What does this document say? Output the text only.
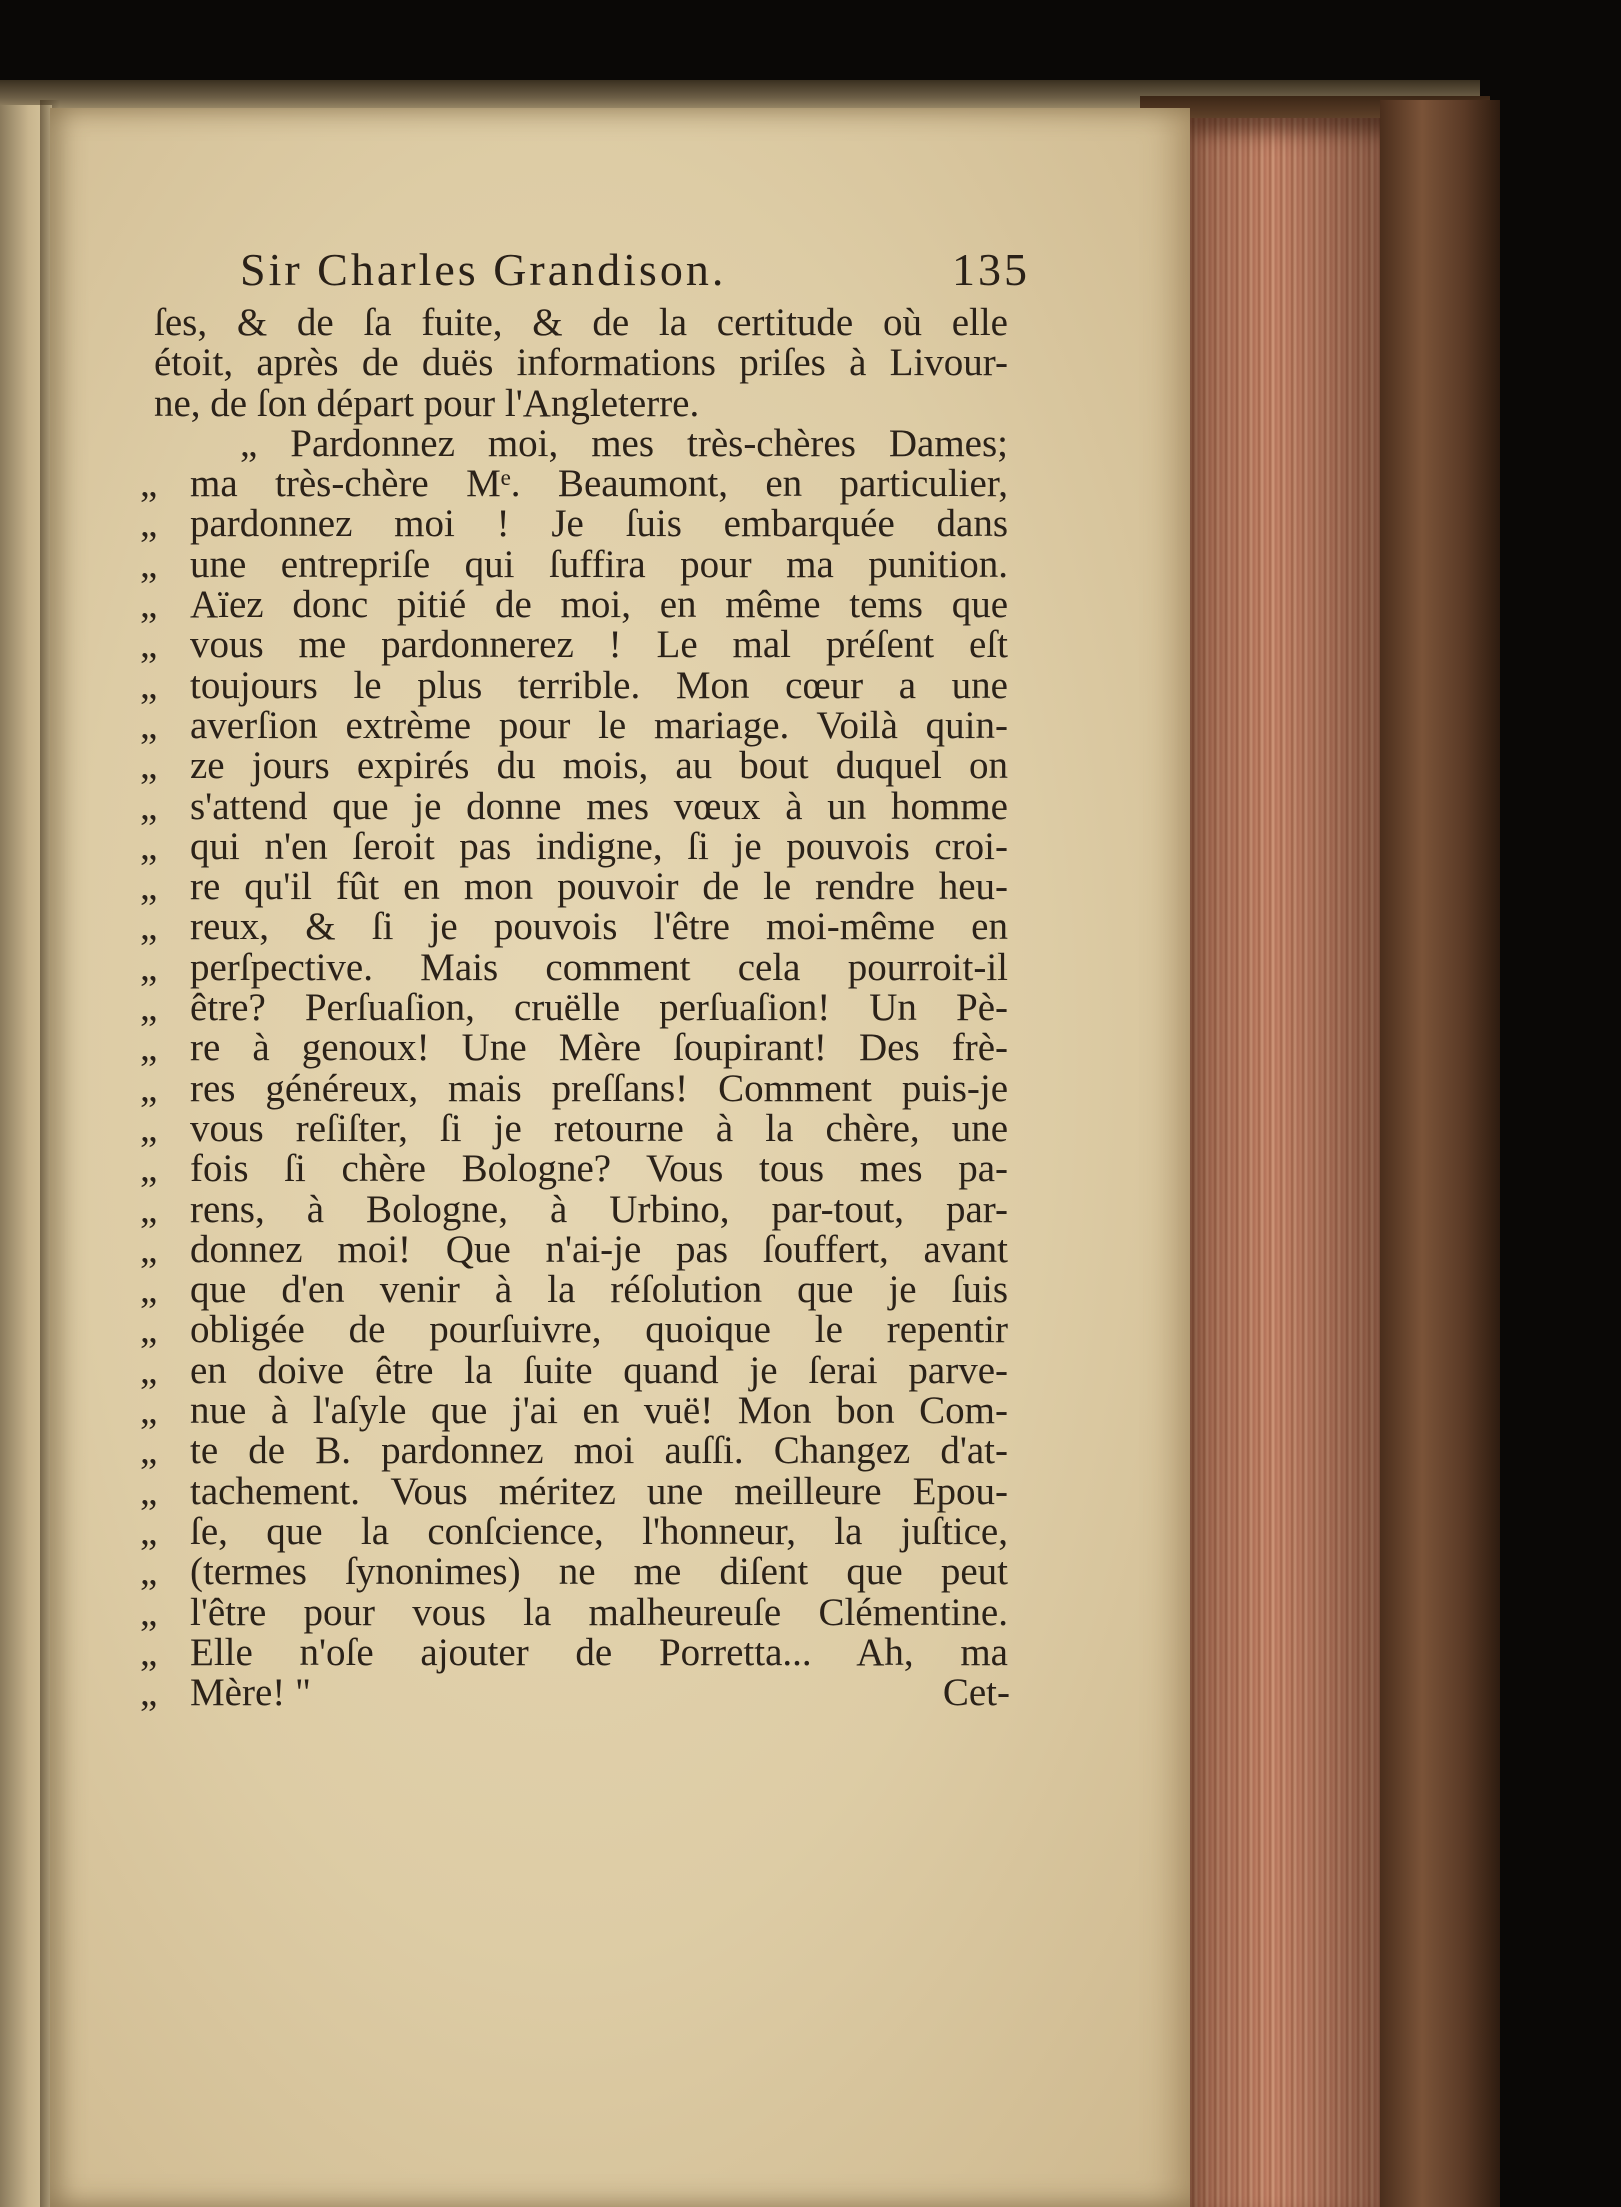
Sir Charles Grandison.	135
ſes, & de ſa fuite, & de la certitude où elle
étoit, après de duës informations priſes à Livour-
ne, de ſon départ pour l'Angleterre.
„ Pardonnez moi, mes très-chères Dames;
„ ma très-chère Mᵉ. Beaumont, en particulier,
„ pardonnez moi ! Je ſuis embarquée dans
„ une entrepriſe qui ſuffira pour ma punition.
„ Aïez donc pitié de moi, en même tems que
„ vous me pardonnerez ! Le mal préſent eſt
„ toujours le plus terrible. Mon cœur a une
„ averſion extrème pour le mariage. Voilà quin-
„ ze jours expirés du mois, au bout duquel on
„ s'attend que je donne mes vœux à un homme
„ qui n'en ſeroit pas indigne, ſi je pouvois croi-
„ re qu'il fût en mon pouvoir de le rendre heu-
„ reux, & ſi je pouvois l'être moi-même en
„ perſpective. Mais comment cela pourroit-il
„ être? Perſuaſion, cruëlle perſuaſion! Un Pè-
„ re à genoux! Une Mère ſoupirant! Des frè-
„ res généreux, mais preſſans! Comment puis-je
„ vous reſiſter, ſi je retourne à la chère, une
„ fois ſi chère Bologne? Vous tous mes pa-
„ rens, à Bologne, à Urbino, par-tout, par-
„ donnez moi! Que n'ai-je pas ſouffert, avant
„ que d'en venir à la réſolution que je ſuis
„ obligée de pourſuivre, quoique le repentir
„ en doive être la ſuite quand je ſerai parve-
„ nue à l'aſyle que j'ai en vuë! Mon bon Com-
„ te de B. pardonnez moi auſſi. Changez d'at-
„ tachement. Vous méritez une meilleure Epou-
„ ſe, que la conſcience, l'honneur, la juſtice,
„ (termes ſynonimes) ne me diſent que peut
„ l'être pour vous la malheureuſe Clémentine.
„ Elle n'oſe ajouter de Porretta... Ah, ma
„ Mère! "	Cet-
